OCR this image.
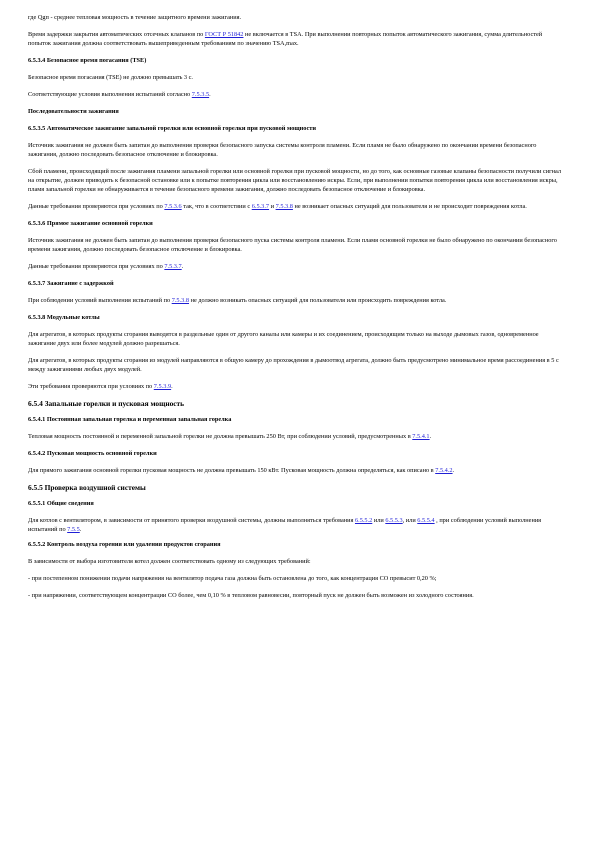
где Qgп - среднее тепловая мощность в течение защитного времени зажигания.

Время задержки закрытия автоматических отсечных клапанов по ГОСТ Р 51842 не включается в TSA. При выполнении повторных попыток автоматического зажигания, сумма длительностей попыток зажигания должна соответствовать вышеприведенным требованиям по значению TSA,max.

6.5.3.4 Безопасное время погасания (TSE)

Безопасное время погасания (TSE) не должно превышать 3 с.

Соответствующие условия выполнения испытаний согласно 7.5.3.5.

Последовательности зажигания

6.5.3.5 Автоматическое зажигание запальной горелки или основной горелки при пусковой мощности

Источник зажигания не должен быть запитан до выполнения проверки безопасного запуска системы контроля пламени. Если пламя не было обнаружено по окончании времени безопасного зажигания, должно последовать безопасное отключение и блокировка.

Сбой пламени, происходящий после зажигания пламени запальной горелки или основной горелки при пусковой мощности, но до того, как основные газовые клапаны безопасности получили сигнал на открытие, должен приводить к безопасной остановке или к попытке повторения цикла или восстановлению искры. Если, при выполнении попытки повторения цикла или восстановления искры, пламя запальной горелки не обнаруживается в течение безопасного времени зажигания, должно последовать безопасное отключение и блокировка.

Данные требования проверяются при условиях по 7.5.3.6 так, что в соответствии с 6.5.3.7 и 7.5.3.8 не возникает опасных ситуаций для пользователя и не происходит повреждения котла.

6.5.3.6 Прямое зажигание основной горелки

Источник зажигания не должен быть запитан до выполнения проверки безопасного пуска системы контроля пламени. Если пламя основной горелки не было обнаружено по окончании безопасного времени зажигания, должно последовать безопасное отключение и блокировка.

Данные требования проверяются при условиях по 7.5.3.7.

6.5.3.7 Зажигание с задержкой

При соблюдении условий выполнения испытаний по 7.5.3.8 не должно возникать опасных ситуаций для пользователя или происходить повреждения котла.

6.5.3.8 Модульные котлы

Для агрегатов, в которых продукты сгорания выводятся в раздельные один от другого каналы или камеры и их соединением, происходящим только на выходе дымовых газов, одновременное зажигание двух или более модулей должно разрешаться.

Для агрегатов, в которых продукты сгорания из модулей направляются в общую камеру до прохождения в дымоотвод агрегата, должно быть предусмотрено минимальное время рассоединения в 5 с между зажиганиями любых двух модулей.

Эти требования проверяются при условиях по 7.5.3.9.

6.5.4 Запальные горелки и пусковая мощность

6.5.4.1 Постоянная запальная горелка и переменная запальная горелка

Тепловая мощность постоянной и переменной запальной горелки не должна превышать 250 Вт, при соблюдении условий, предусмотренных в 7.5.4.1.

6.5.4.2 Пусковая мощность основной горелки

Для прямого зажигания основной горелки пусковая мощность не должна превышать 150 кВт. Пусковая мощность должна определяться, как описано в 7.5.4.2.

6.5.5 Проверка воздушной системы

6.5.5.1 Общие сведения

Для котлов с вентилятором, в зависимости от принятого проверки воздушной системы, должны выполняться требования 6.5.5.2 или 6.5.5.3, или 6.5.5.4 , при соблюдении условий выполнения испытаний по 7.5.5.

6.5.5.2 Контроль воздуха горения или удаления продуктов сгорания

В зависимости от выбора изготовителя котел должен соответствовать одному из следующих требований:

- при постепенном понижении подачи напряжения на вентилятор подача газа должна быть остановлена до того, как концентрация CO превысит 0,20 %;

- при напряжении, соответствующем концентрации CO более, чем 0,10 % в тепловом равновесии, повторный пуск не должен быть возможен из холодного состояния.
